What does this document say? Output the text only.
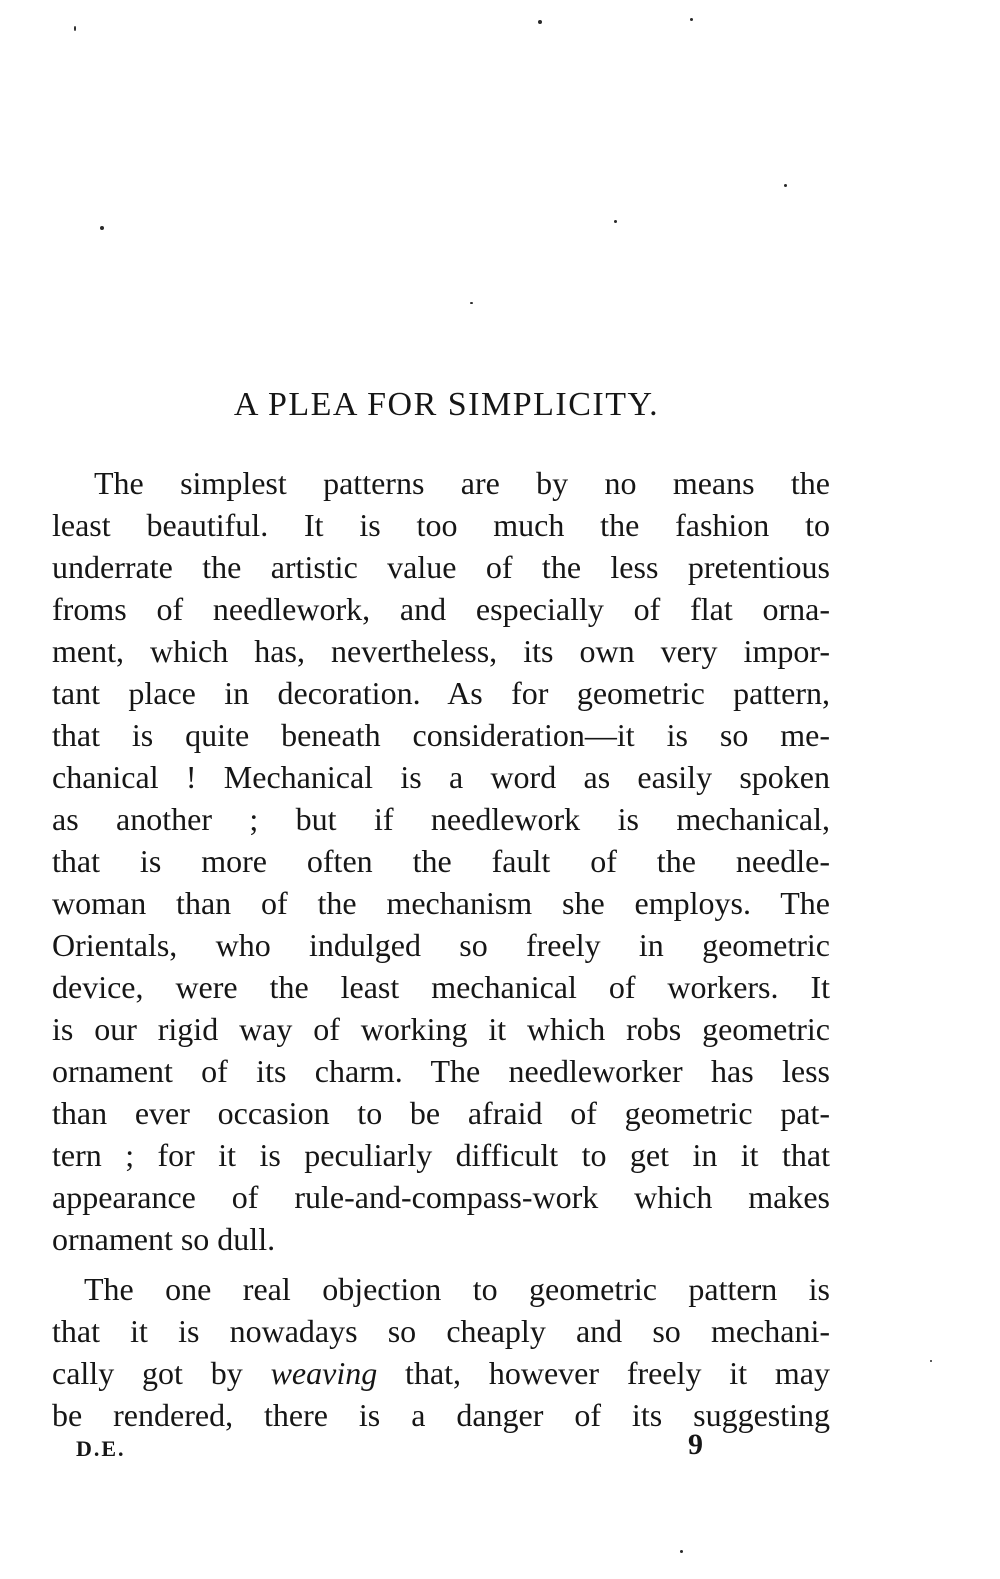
A PLEA FOR SIMPLICITY.
The simplest patterns are by no means the
least beautiful. It is too much the fashion to
underrate the artistic value of the less pretentious
froms of needlework, and especially of flat orna-
ment, which has, nevertheless, its own very impor-
tant place in decoration. As for geometric pattern,
that is quite beneath consideration—it is so me-
chanical ! Mechanical is a word as easily spoken
as another ; but if needlework is mechanical,
that is more often the fault of the needle-
woman than of the mechanism she employs. The
Orientals, who indulged so freely in geometric
device, were the least mechanical of workers. It
is our rigid way of working it which robs geometric
ornament of its charm. The needleworker has less
than ever occasion to be afraid of geometric pat-
tern ; for it is peculiarly difficult to get in it that
appearance of rule-and-compass-work which makes
ornament so dull.
The one real objection to geometric pattern is
that it is nowadays so cheaply and so mechani-
cally got by weaving that, however freely it may
be rendered, there is a danger of its suggesting
D.E.	9
